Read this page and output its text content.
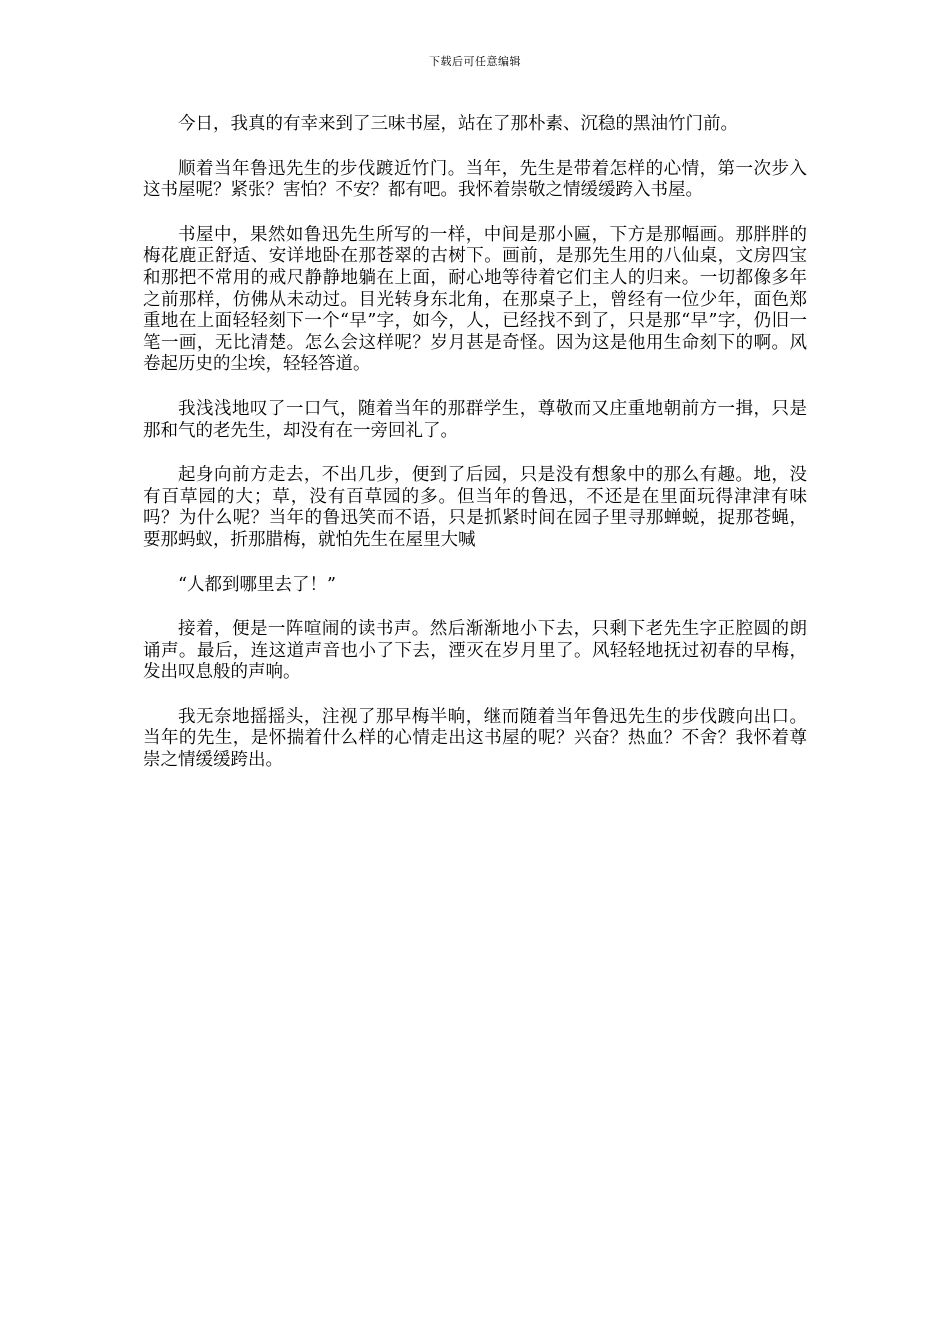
下载后可任意编辑

今日，我真的有幸来到了三味书屋，站在了那朴素、沉稳的黑油竹门前。

顺着当年鲁迅先生的步伐踱近竹门。当年，先生是带着怎样的心情，第一次步入这书屋呢？紧张？害怕？不安？都有吧。我怀着崇敬之情缓缓跨入书屋。

书屋中，果然如鲁迅先生所写的一样，中间是那小匾，下方是那幅画。那胖胖的梅花鹿正舒适、安详地卧在那苍翠的古树下。画前，是那先生用的八仙桌，文房四宝和那把不常用的戒尺静静地躺在上面，耐心地等待着它们主人的归来。一切都像多年之前那样，仿佛从未动过。目光转身东北角，在那桌子上，曾经有一位少年，面色郑重地在上面轻轻刻下一个“早”字，如今，人，已经找不到了，只是那“早”字，仍旧一笔一画，无比清楚。怎么会这样呢？岁月甚是奇怪。因为这是他用生命刻下的啊。风卷起历史的尘埃，轻轻答道。

我浅浅地叹了一口气，随着当年的那群学生，尊敬而又庄重地朝前方一揖，只是那和气的老先生，却没有在一旁回礼了。

起身向前方走去，不出几步，便到了后园，只是没有想象中的那么有趣。地，没有百草园的大；草，没有百草园的多。但当年的鲁迅，不还是在里面玩得津津有味吗？为什么呢？当年的鲁迅笑而不语，只是抓紧时间在园子里寻那蝉蜕，捉那苍蝇，要那蚂蚁，折那腊梅，就怕先生在屋里大喊

“人都到哪里去了！”

接着，便是一阵喧闹的读书声。然后渐渐地小下去，只剩下老先生字正腔圆的朗诵声。最后，连这道声音也小了下去，湮灭在岁月里了。风轻轻地抚过初春的早梅，发出叹息般的声响。

我无奈地摇摇头，注视了那早梅半晌，继而随着当年鲁迅先生的步伐踱向出口。当年的先生，是怀揣着什么样的心情走出这书屋的呢？兴奋？热血？不舍？我怀着尊崇之情缓缓跨出。
